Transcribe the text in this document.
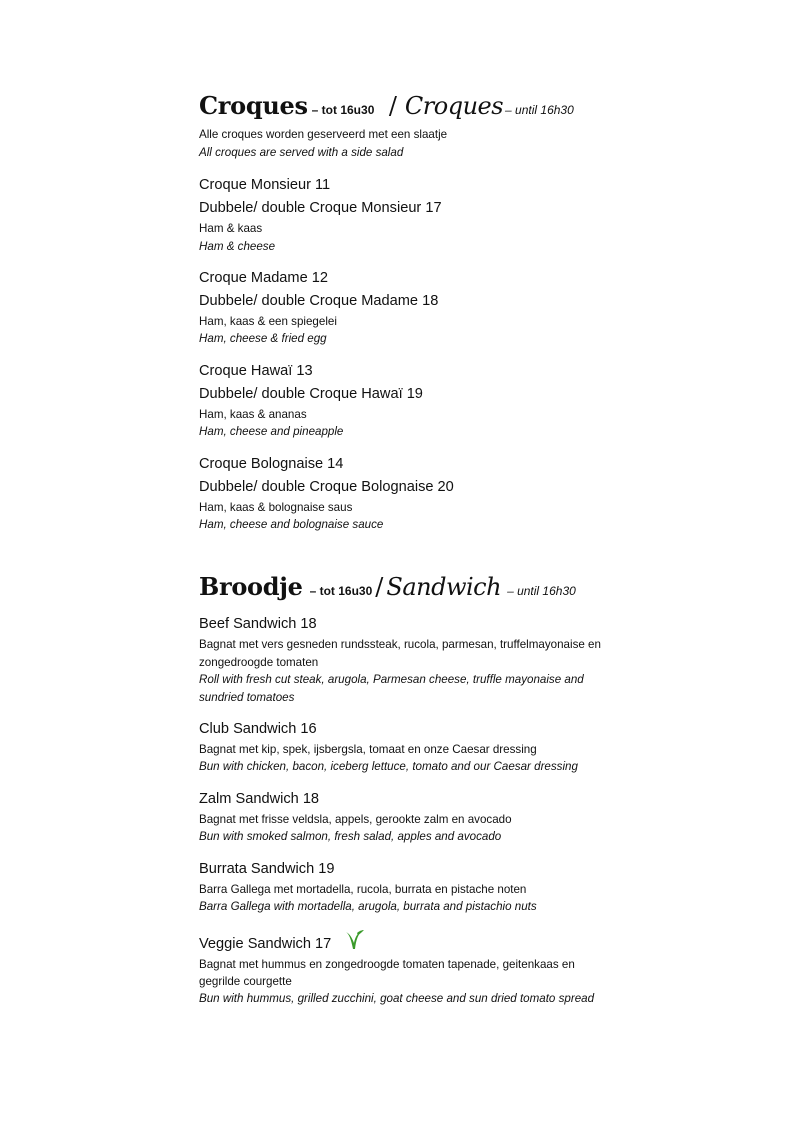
Croques – tot 16u30 / Croques – until 16h30
Alle croques worden geserveerd met een slaatje
All croques are served with a side salad
Croque Monsieur 11
Dubbele/ double Croque Monsieur 17
Ham & kaas
Ham & cheese
Croque Madame 12
Dubbele/ double Croque Madame 18
Ham, kaas & een spiegelei
Ham, cheese & fried egg
Croque Hawaï 13
Dubbele/ double Croque Hawaï 19
Ham, kaas & ananas
Ham, cheese and pineapple
Croque Bolognaise 14
Dubbele/ double Croque Bolognaise 20
Ham, kaas & bolognaise saus
Ham, cheese and bolognaise sauce
Broodje – tot 16u30 / Sandwich – until 16h30
Beef Sandwich 18
Bagnat met vers gesneden rundssteak, rucola, parmesan, truffelmayonaise en zongedroogde tomaten
Roll with fresh cut steak, arugola, Parmesan cheese, truffle mayonaise and sundried tomatoes
Club Sandwich 16
Bagnat met kip, spek, ijsbergsla, tomaat en onze Caesar dressing
Bun with chicken, bacon, iceberg lettuce, tomato and our Caesar dressing
Zalm Sandwich 18
Bagnat met frisse veldsla, appels, gerookte zalm en avocado
Bun with smoked salmon, fresh salad, apples and avocado
Burrata Sandwich 19
Barra Gallega met mortadella, rucola, burrata en pistache noten
Barra Gallega with mortadella, arugola, burrata and pistachio nuts
Veggie Sandwich 17
Bagnat met hummus en zongedroogde tomaten tapenade, geitenkaas en gegrilde courgette
Bun with hummus, grilled zucchini, goat cheese and sun dried tomato spread
